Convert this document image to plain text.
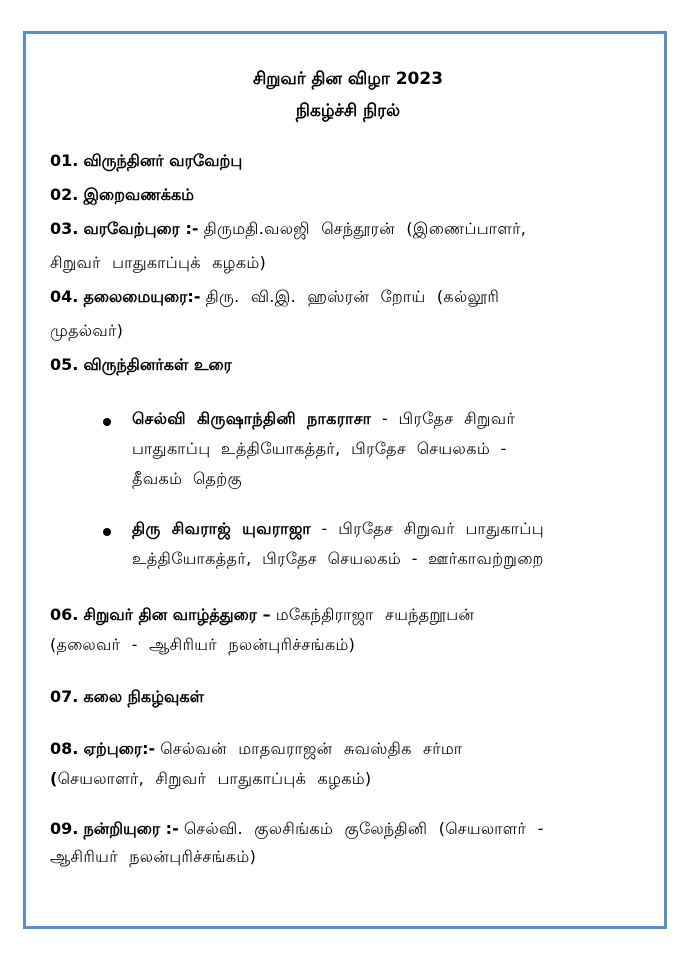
சிறுவர் தின விழா 2023
நிகழ்ச்சி நிரல்
01. விருந்தினர் வரவேற்பு
02. இறைவணக்கம்
03. வரவேற்புரை :- திருமதி.வலஜி செந்தூரன் (இணைப்பாளர்,
சிறுவர் பாதுகாப்புக் கழகம்)
04. தலைமையுரை:- திரு. வி.இ. ஹஸ்ரன் றோய் (கல்லூரி
முதல்வர்)
05. விருந்தினர்கள் உரை
செல்வி கிருஷாந்தினி நாகராசா - பிரதேச சிறுவர்
பாதுகாப்பு உத்தியோகத்தர், பிரதேச செயலகம் -
தீவகம் தெற்கு
திரு சிவராஜ் யுவராஜா - பிரதேச சிறுவர் பாதுகாப்பு
உத்தியோகத்தர், பிரதேச செயலகம் - ஊர்காவற்றுறை
06. சிறுவர் தின வாழ்த்துரை – மகேந்திராஜா சயந்தறூபன்
(தலைவர் - ஆசிரியர் நலன்புரிச்சங்கம்)
07. கலை நிகழ்வுகள்
08. ஏற்புரை:- செல்வன் மாதவராஜன் சுவஸ்திக சர்மா
(செயலாளர், சிறுவர் பாதுகாப்புக் கழகம்)
09. நன்றியுரை :- செல்வி. குலசிங்கம் குலேந்தினி (செயலாளர் -
ஆசிரியர் நலன்புரிச்சங்கம்)
